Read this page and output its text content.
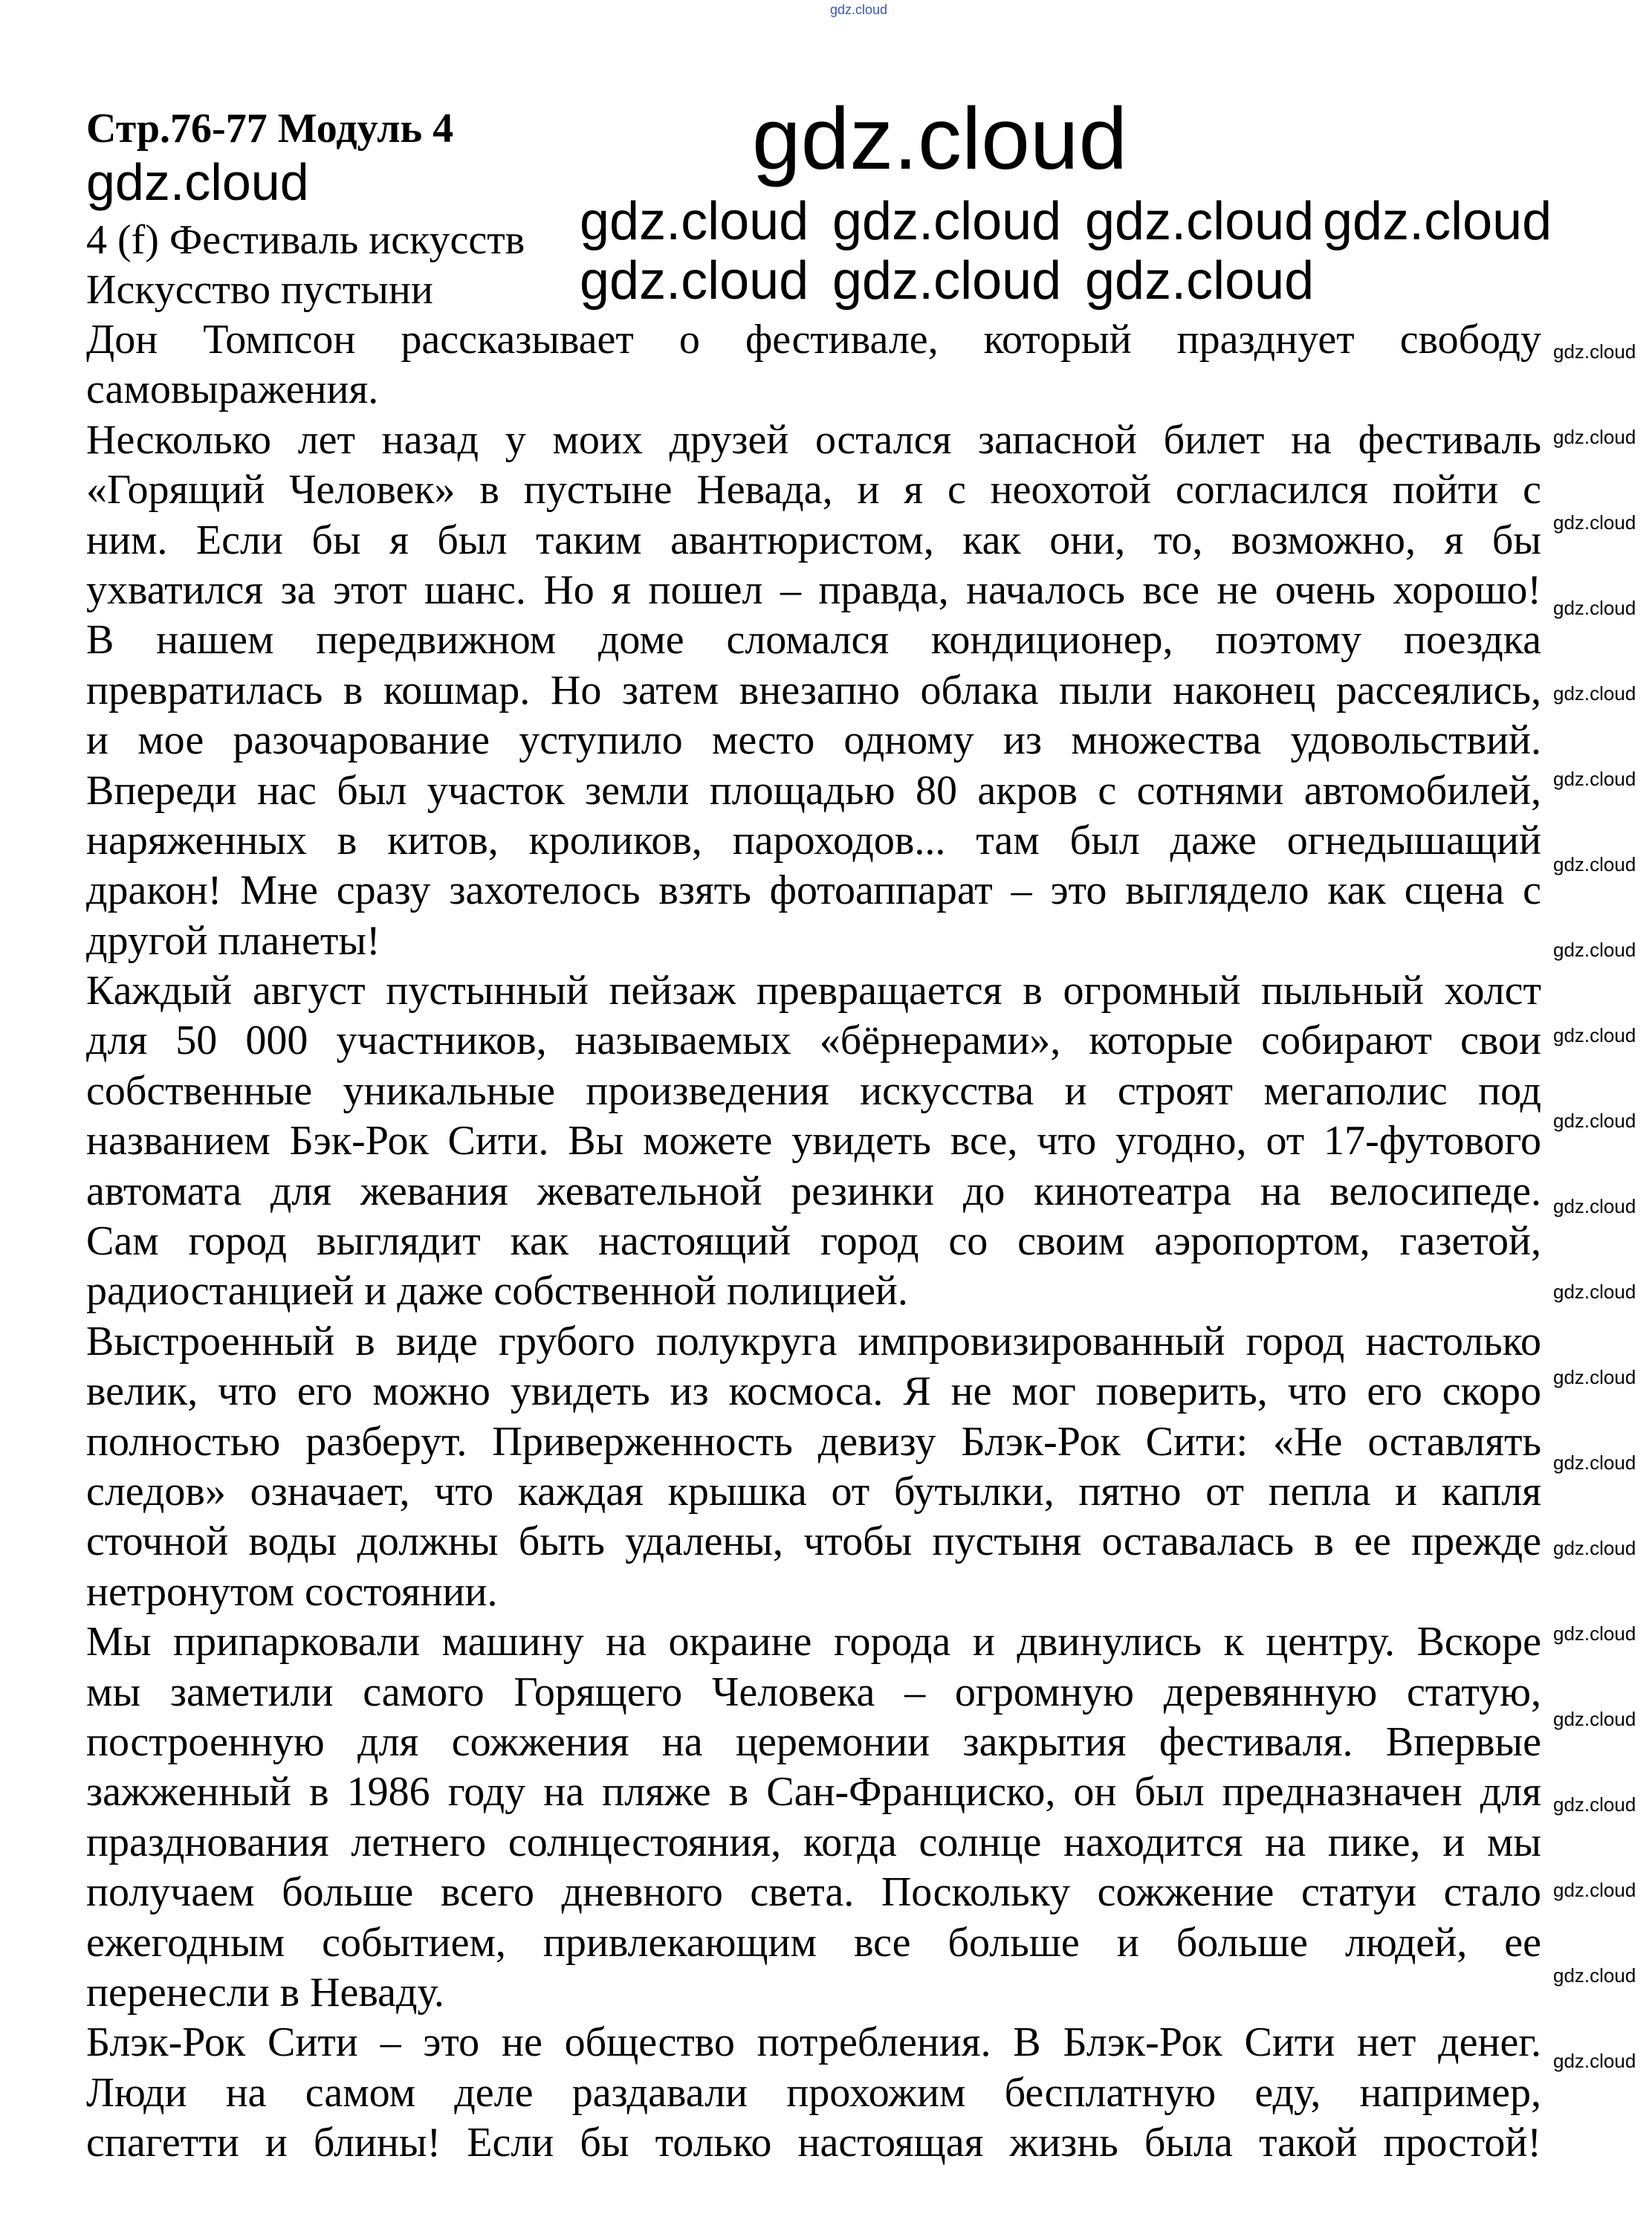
Стр.76-77 Модуль 4
gdz.cloud
4 (f) Фестиваль искусств
Искусство пустыни
Дон Томпсон рассказывает о фестивале, который празднует свободу
самовыражения.
Несколько лет назад у моих друзей остался запасной билет на фестиваль
«Горящий Человек» в пустыне Невада, и я с неохотой согласился пойти с
ним. Если бы я был таким авантюристом, как они, то, возможно, я бы
ухватился за этот шанс. Но я пошел – правда, началось все не очень хорошо!
В нашем передвижном доме сломался кондиционер, поэтому поездка
превратилась в кошмар. Но затем внезапно облака пыли наконец рассеялись,
и мое разочарование уступило место одному из множества удовольствий.
Впереди нас был участок земли площадью 80 акров с сотнями автомобилей,
наряженных в китов, кроликов, пароходов... там был даже огнедышащий
дракон! Мне сразу захотелось взять фотоаппарат – это выглядело как сцена с
другой планеты!
Каждый август пустынный пейзаж превращается в огромный пыльный холст
для 50 000 участников, называемых «бёрнерами», которые собирают свои
собственные уникальные произведения искусства и строят мегаполис под
названием Бэк-Рок Сити. Вы можете увидеть все, что угодно, от 17-футового
автомата для жевания жевательной резинки до кинотеатра на велосипеде.
Сам город выглядит как настоящий город со своим аэропортом, газетой,
радиостанцией и даже собственной полицией.
Выстроенный в виде грубого полукруга импровизированный город настолько
велик, что его можно увидеть из космоса. Я не мог поверить, что его скоро
полностью разберут. Приверженность девизу Блэк-Рок Сити: «Не оставлять
следов» означает, что каждая крышка от бутылки, пятно от пепла и капля
сточной воды должны быть удалены, чтобы пустыня оставалась в ее прежде
нетронутом состоянии.
Мы припарковали машину на окраине города и двинулись к центру. Вскоре
мы заметили самого Горящего Человека – огромную деревянную статую,
построенную для сожжения на церемонии закрытия фестиваля. Впервые
зажженный в 1986 году на пляже в Сан-Франциско, он был предназначен для
празднования летнего солнцестояния, когда солнце находится на пике, и мы
получаем больше всего дневного света. Поскольку сожжение статуи стало
ежегодным событием, привлекающим все больше и больше людей, ее
перенесли в Неваду.
Блэк-Рок Сити – это не общество потребления. В Блэк-Рок Сити нет денег.
Люди на самом деле раздавали прохожим бесплатную еду, например,
спагетти и блины! Если бы только настоящая жизнь была такой простой!
gdz.cloud
gdz.cloud
gdz.cloud gdz.cloud gdz.cloud gdz.cloud
gdz.cloud gdz.cloud gdz.cloud
gdz.cloud
gdz.cloud
gdz.cloud
gdz.cloud
gdz.cloud
gdz.cloud
gdz.cloud
gdz.cloud
gdz.cloud
gdz.cloud
gdz.cloud
gdz.cloud
gdz.cloud
gdz.cloud
gdz.cloud
gdz.cloud
gdz.cloud
gdz.cloud
gdz.cloud
gdz.cloud
gdz.cloud
